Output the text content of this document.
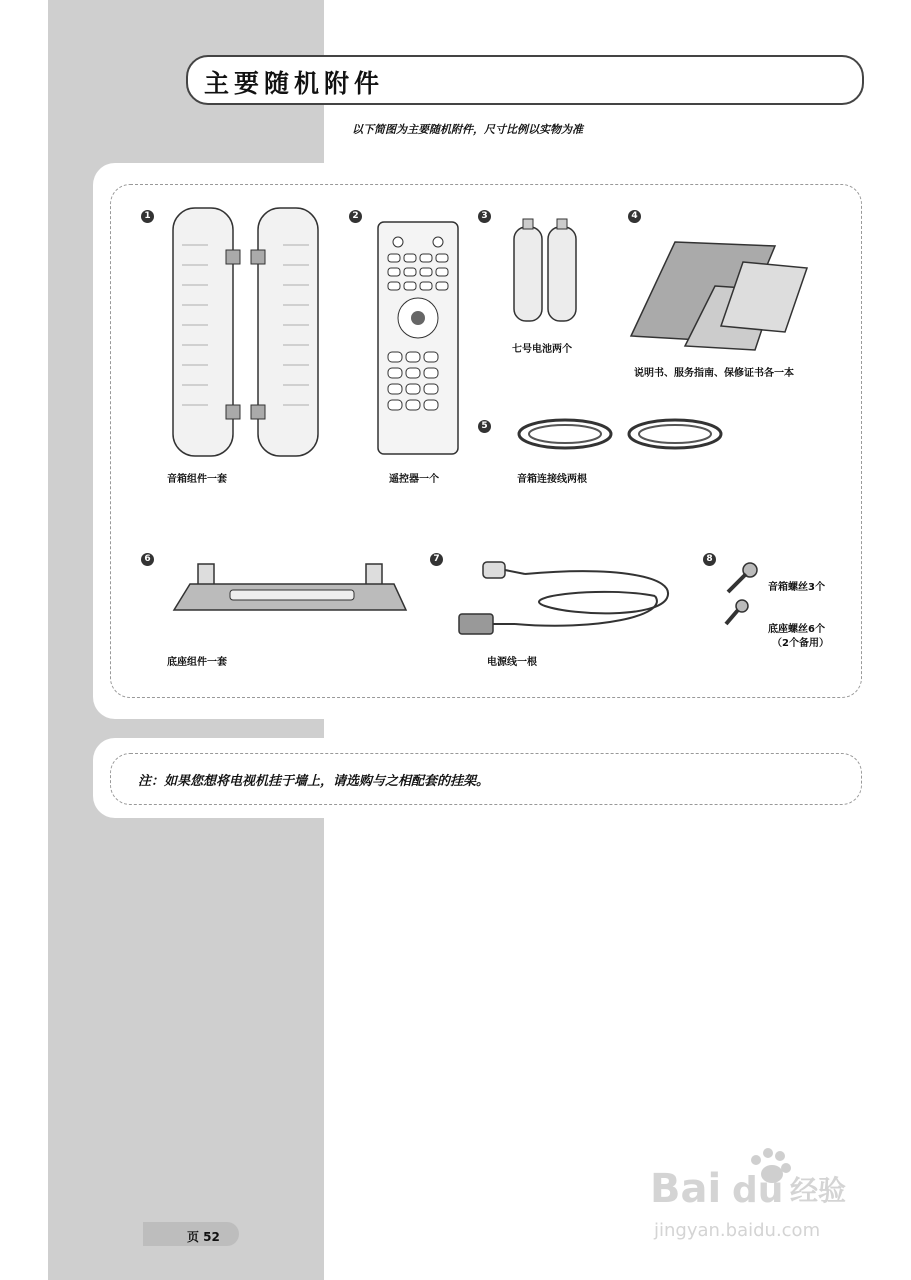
主要随机附件
以下简图为主要随机附件，尺寸比例以实物为准
1
音箱组件一套
2
遥控器一个
3
七号电池两个
4
说明书、服务指南、保修证书各一本
5
音箱连接线两根
6
底座组件一套
7
电源线一根
8
音箱螺丝3个
底座螺丝6个
（2个备用）
注：如果您想将电视机挂于墙上，请选购与之相配套的挂架。
页 52
Bai du 经验
jingyan.baidu.com
